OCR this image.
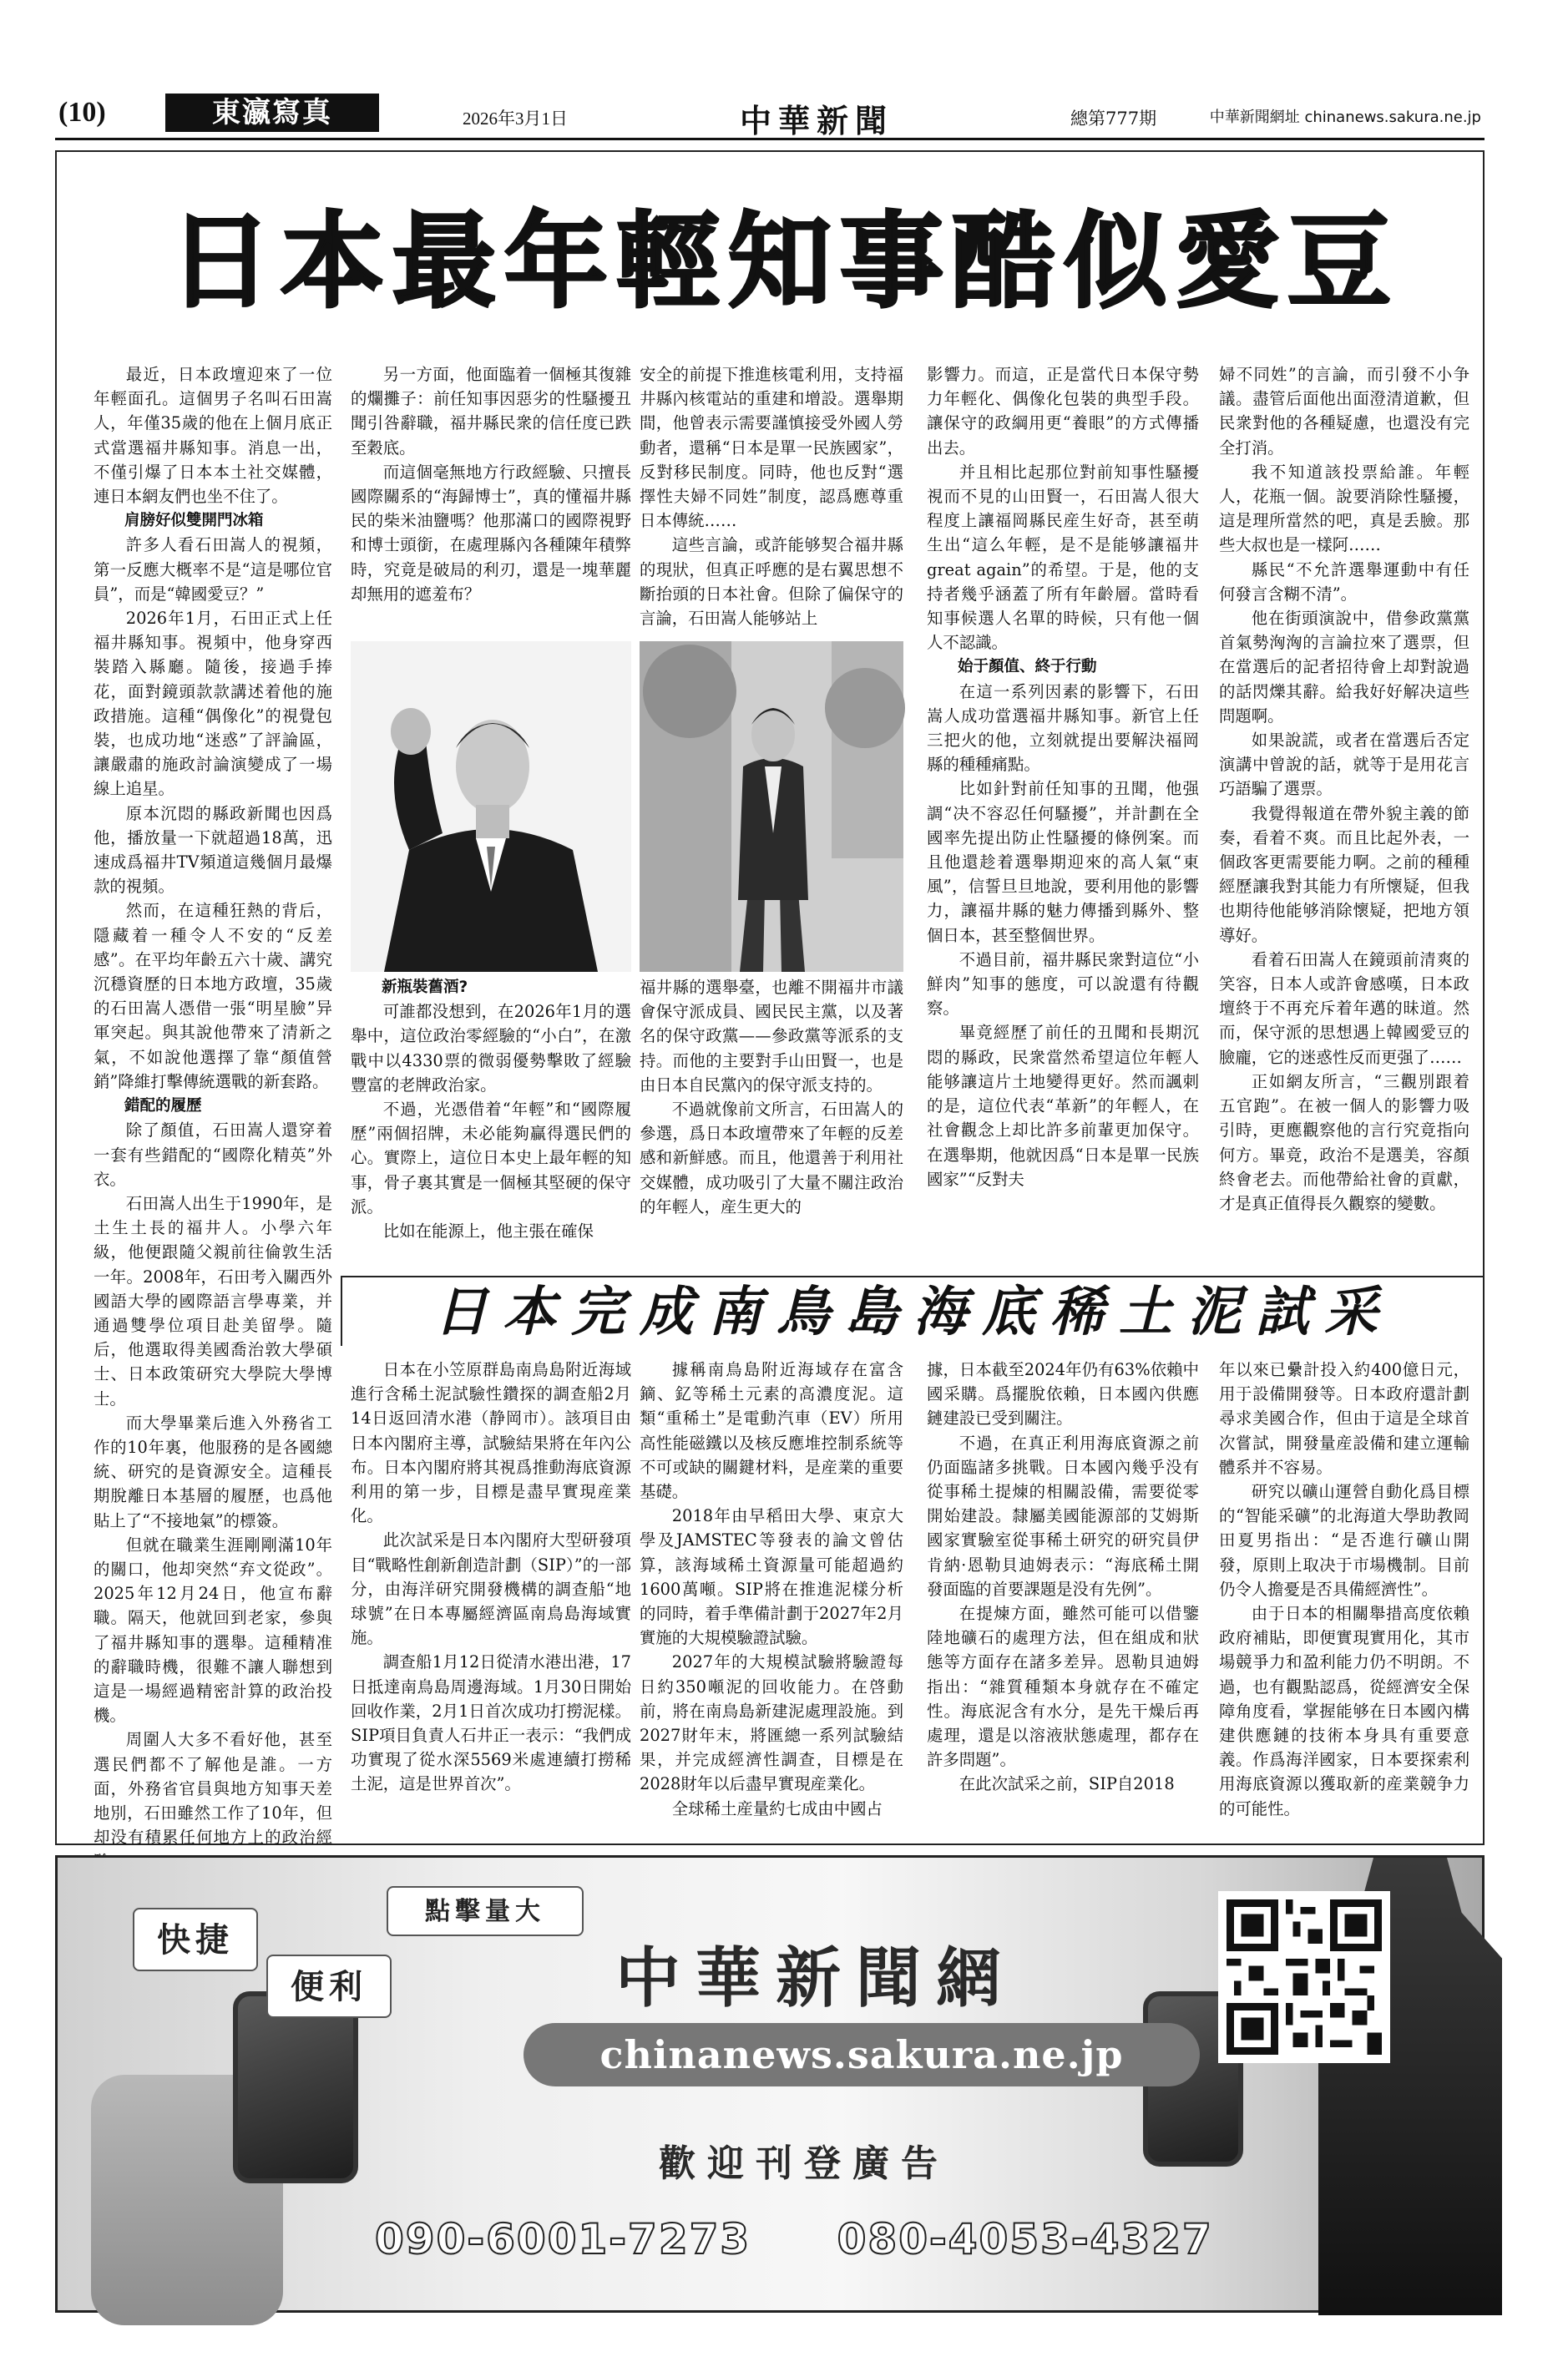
(10)	東瀛寫真	2026年3月1日	中華新聞	總第777期	中華新聞網址 chinanews.sakura.ne.jp
日本最年輕知事酷似愛豆

最近，日本政壇迎來了一位年輕面孔。這個男子名叫石田嵩人，年僅35歲的他在上個月底正式當選福井縣知事。消息一出，不僅引爆了日本本土社交媒體，連日本網友們也坐不住了。

肩膀好似雙開門冰箱

許多人看石田嵩人的視頻，第一反應大概率不是“這是哪位官員”，而是“韓國愛豆？”

2026年1月，石田正式上任福井縣知事。視頻中，他身穿西裝踏入縣廳。隨後，接過手捧花，面對鏡頭款款講述着他的施政措施。這種“偶像化”的視覺包裝，也成功地“迷惑”了評論區，讓嚴肅的施政討論演變成了一場線上追星。

原本沉悶的縣政新聞也因爲他，播放量一下就超過18萬，迅速成爲福井TV頻道這幾個月最爆款的視頻。

然而，在這種狂熱的背后，隱藏着一種令人不安的“反差感”。在平均年齡五六十歲、講究沉穩資歷的日本地方政壇，35歲的石田嵩人憑借一張“明星臉”异軍突起。與其說他帶來了清新之氣，不如說他選擇了靠“顏值營銷”降維打擊傳統選戰的新套路。

錯配的履歷

除了顏值，石田嵩人還穿着一套有些錯配的“國際化精英”外衣。

石田嵩人出生于1990年，是土生土長的福井人。小學六年級，他便跟隨父親前往倫敦生活一年。2008年，石田考入關西外國語大學的國際語言學專業，并通過雙學位項目赴美留學。隨后，他選取得美國喬治敦大學碩士、日本政策研究大學院大學博士。

而大學畢業后進入外務省工作的10年裏，他服務的是各國總統、研究的是資源安全。這種長期脫離日本基層的履歷，也爲他貼上了“不接地氣”的標簽。

但就在職業生涯剛剛滿10年的關口，他却突然“弃文從政”。2025年12月24日，他宣布辭職。隔天，他就回到老家，參與了福井縣知事的選舉。這種精准的辭職時機，很難不讓人聯想到這是一場經過精密計算的政治投機。

周圍人大多不看好他，甚至選民們都不了解他是誰。一方面，外務省官員與地方知事天差地別，石田雖然工作了10年，但却没有積累任何地方上的政治經

另一方面，他面臨着一個極其復雜的爛攤子：前任知事因惡劣的性騷擾丑聞引咎辭職，福井縣民衆的信任度已跌至穀底。

而這個毫無地方行政經驗、只擅長國際關系的“海歸博士”，真的懂福井縣民的柴米油鹽嗎？他那滿口的國際視野和博士頭銜，在處理縣內各種陳年積弊時，究竟是破局的利刃，還是一塊華麗却無用的遮羞布？

安全的前提下推進核電利用，支持福井縣內核電站的重建和增設。選舉期間，他曾表示需要謹慎接受外國人勞動者，還稱“日本是單一民族國家”，反對移民制度。同時，他也反對“選擇性夫婦不同姓”制度，認爲應尊重日本傳統……

這些言論，或許能够契合福井縣的現狀，但真正呼應的是右翼思想不斷抬頭的日本社會。但除了偏保守的言論，石田嵩人能够站上

新瓶裝舊酒?

可誰都没想到，在2026年1月的選舉中，這位政治零經驗的“小白”，在激戰中以4330票的微弱優勢擊敗了經驗豐富的老牌政治家。

不過，光憑借着“年輕”和“國際履歷”兩個招牌，未必能夠贏得選民們的心。實際上，這位日本史上最年輕的知事，骨子裏其實是一個極其堅硬的保守派。

比如在能源上，他主張在確保

福井縣的選舉臺，也離不開福井市議會保守派成員、國民民主黨，以及著名的保守政黨——參政黨等派系的支持。而他的主要對手山田賢一，也是由日本自民黨內的保守派支持的。

不過就像前文所言，石田嵩人的參選，爲日本政壇帶來了年輕的反差感和新鮮感。而且，他還善于利用社交媒體，成功吸引了大量不關注政治的年輕人，産生更大的

影響力。而這，正是當代日本保守勢力年輕化、偶像化包裝的典型手段。讓保守的政綱用更“養眼”的方式傳播出去。

并且相比起那位對前知事性騷擾視而不見的山田賢一，石田嵩人很大程度上讓福岡縣民産生好奇，甚至萌生出“這么年輕，是不是能够讓福井great again”的希望。于是，他的支持者幾乎涵蓋了所有年齡層。當時看知事候選人名單的時候，只有他一個人不認識。

始于顏值、終于行動

在這一系列因素的影響下，石田嵩人成功當選福井縣知事。新官上任三把火的他，立刻就提出要解決福岡縣的種種痛點。

比如針對前任知事的丑聞，他强調“决不容忍任何騷擾”，并計劃在全國率先提出防止性騷擾的條例案。而且他還趁着選舉期迎來的高人氣“東風”，信誓旦旦地說，要利用他的影響力，讓福井縣的魅力傳播到縣外、整個日本，甚至整個世界。

不過目前，福井縣民衆對這位“小鮮肉”知事的態度，可以說還有待觀察。

畢竟經歷了前任的丑聞和長期沉悶的縣政，民衆當然希望這位年輕人能够讓這片土地變得更好。然而諷刺的是，這位代表“革新”的年輕人，在社會觀念上却比許多前輩更加保守。在選舉期，他就因爲“日本是單一民族國家”“反對夫

婦不同姓”的言論，而引發不小争議。盡管后面他出面澄清道歉，但民衆對他的各種疑慮，也還没有完全打消。

我不知道該投票給誰。年輕人，花瓶一個。說要消除性騷擾，這是理所當然的吧，真是丢臉。那些大叔也是一樣阿……

縣民“不允許選舉運動中有任何發言含糊不清”。

他在街頭演說中，借參政黨黨首氣勢洶洶的言論拉來了選票，但在當選后的記者招待會上却對說過的話閃爍其辭。給我好好解决這些問題啊。

如果說謊，或者在當選后否定演講中曾說的話，就等于是用花言巧語騙了選票。

我覺得報道在帶外貌主義的節奏，看着不爽。而且比起外表，一個政客更需要能力啊。之前的種種經歷讓我對其能力有所懷疑，但我也期待他能够消除懷疑，把地方領導好。

看着石田嵩人在鏡頭前清爽的笑容，日本人或許會感嘆，日本政壇終于不再充斥着年邁的昧道。然而，保守派的思想遇上韓國愛豆的臉龐，它的迷惑性反而更强了……

正如網友所言，“三觀別跟着五官跑”。在被一個人的影響力吸引時，更應觀察他的言行究竟指向何方。畢竟，政治不是選美，容顏終會老去。而他帶給社會的貢獻，才是真正值得長久觀察的變數。

日本完成南鳥島海底稀土泥試采

日本在小笠原群島南鳥島附近海域進行含稀土泥試驗性鑽探的調查船2月14日返回清水港（静岡市）。該項目由日本內閣府主導，試驗結果將在年內公布。日本內閣府將其視爲推動海底資源利用的第一步，目標是盡早實現産業化。

此次試采是日本內閣府大型研發項目“戰略性創新創造計劃（SIP）”的一部分，由海洋研究開發機構的調查船“地球號”在日本專屬經濟區南鳥島海域實施。

調查船1月12日從清水港出港，17日抵達南鳥島周邊海域。1月30日開始回收作業，2月1日首次成功打撈泥樣。SIP項目負責人石井正一表示：“我們成功實現了從水深5569米處連續打撈稀土泥，這是世界首次”。

據稱南鳥島附近海域存在富含鏑、釔等稀土元素的高濃度泥。這類“重稀土”是電動汽車（EV）所用高性能磁鐵以及核反應堆控制系統等不可或缺的關鍵材料，是産業的重要基礎。

2018年由早稻田大學、東京大學及JAMSTEC等發表的論文曾估算，該海域稀土資源量可能超過約1600萬噸。SIP將在推進泥樣分析的同時，着手準備計劃于2027年2月實施的大規模驗證試驗。

2027年的大規模試驗將驗證每日約350噸泥的回收能力。在啓動前，將在南鳥島新建泥處理設施。到2027財年末，將匯總一系列試驗結果，并完成經濟性調查，目標是在2028財年以后盡早實現産業化。

全球稀土産量約七成由中國占

據，日本截至2024年仍有63%依賴中國采購。爲擺脫依賴，日本國內供應鏈建設已受到關注。

不過，在真正利用海底資源之前仍面臨諸多挑戰。日本國內幾乎没有從事稀土提煉的相關設備，需要從零開始建設。隸屬美國能源部的艾姆斯國家實驗室從事稀土研究的研究員伊肯納·恩勒貝迪姆表示：“海底稀土開發面臨的首要課題是没有先例”。

在提煉方面，雖然可能可以借鑒陸地礦石的處理方法，但在組成和狀態等方面存在諸多差异。恩勒貝迪姆指出：“雜質種類本身就存在不確定性。海底泥含有水分，是先干燥后再處理，還是以溶液狀態處理，都存在許多問題”。

在此次試采之前，SIP自2018

年以來已纍計投入約400億日元，用于設備開發等。日本政府還計劃尋求美國合作，但由于這是全球首次嘗試，開發量産設備和建立運輸體系并不容易。

研究以礦山運營自動化爲目標的“智能采礦”的北海道大學助教岡田夏男指出：“是否進行礦山開發，原則上取决于市場機制。目前仍令人擔憂是否具備經濟性”。

由于日本的相關舉措高度依賴政府補貼，即便實現實用化，其市場競爭力和盈利能力仍不明朗。不過，也有觀點認爲，從經濟安全保障角度看，掌握能够在日本國內構建供應鏈的技術本身具有重要意義。作爲海洋國家，日本要探索利用海底資源以獲取新的産業競争力的可能性。

快捷
便利
點擊量大
中華新聞網
chinanews.sakura.ne.jp
歡迎刊登廣告
090-6001-7273 080-4053-4327
